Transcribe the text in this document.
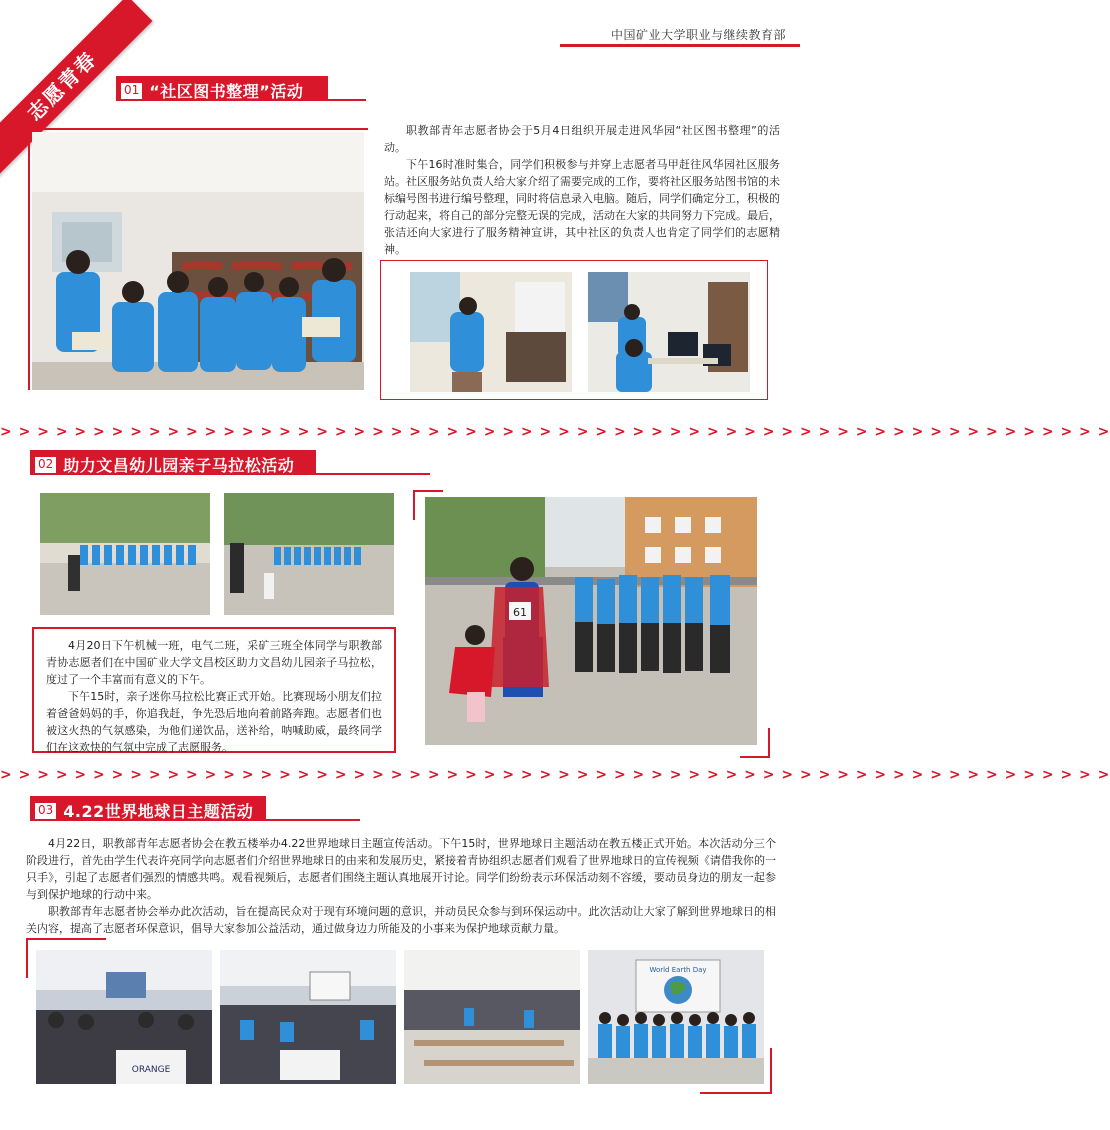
中国矿业大学职业与继续教育部
志愿青春	01 “社区图书整理”活动

职教部青年志愿者协会于5月4日组织开展走进风华园“社区图书整理”的活动。

下午16时准时集合，同学们积极参与并穿上志愿者马甲赶往风华园社区服务站。社区服务站负责人给大家介绍了需要完成的工作，要将社区服务站图书馆的未标编号图书进行编号整理，同时将信息录入电脑。随后，同学们确定分工，积极的行动起来，将自己的部分完整无误的完成，活动在大家的共同努力下完成。最后，张洁还向大家进行了服务精神宣讲，其中社区的负责人也肯定了同学们的志愿精神。

> > > > > > > > > > > > > > > > > > > > > > > > > > > > > > > > > > > > > > > > > > > > > > > > > > > > > > > > > > > >
02 助力文昌幼儿园亲子马拉松活动

4月20日下午机械一班，电气二班，采矿三班全体同学与职教部青协志愿者们在中国矿业大学文昌校区助力文昌幼儿园亲子马拉松，度过了一个丰富而有意义的下午。

下午15时，亲子迷你马拉松比赛正式开始。比赛现场小朋友们拉着爸爸妈妈的手，你追我赶，争先恐后地向着前路奔跑。志愿者们也被这火热的气氛感染，为他们递饮品，送补给，呐喊助威，最终同学们在这欢快的气氛中完成了志愿服务。

61
> > > > > > > > > > > > > > > > > > > > > > > > > > > > > > > > > > > > > > > > > > > > > > > > > > > > > > > > > > > >
03 4.22世界地球日主题活动

4月22日，职教部青年志愿者协会在教五楼举办4.22世界地球日主题宣传活动。下午15时，世界地球日主题活动在教五楼正式开始。本次活动分三个阶段进行，首先由学生代表许亮同学向志愿者们介绍世界地球日的由来和发展历史，紧接着青协组织志愿者们观看了世界地球日的宣传视频《请借我你的一只手》，引起了志愿者们强烈的情感共鸣。观看视频后，志愿者们围绕主题认真地展开讨论。同学们纷纷表示环保活动刻不容缓，要动员身边的朋友一起参与到保护地球的行动中来。

职教部青年志愿者协会举办此次活动，旨在提高民众对于现有环境问题的意识，并动员民众参与到环保运动中。此次活动让大家了解到世界地球日的相关内容，提高了志愿者环保意识，倡导大家参加公益活动，通过做身边力所能及的小事来为保护地球贡献力量。

ORANGE
World Earth Day
